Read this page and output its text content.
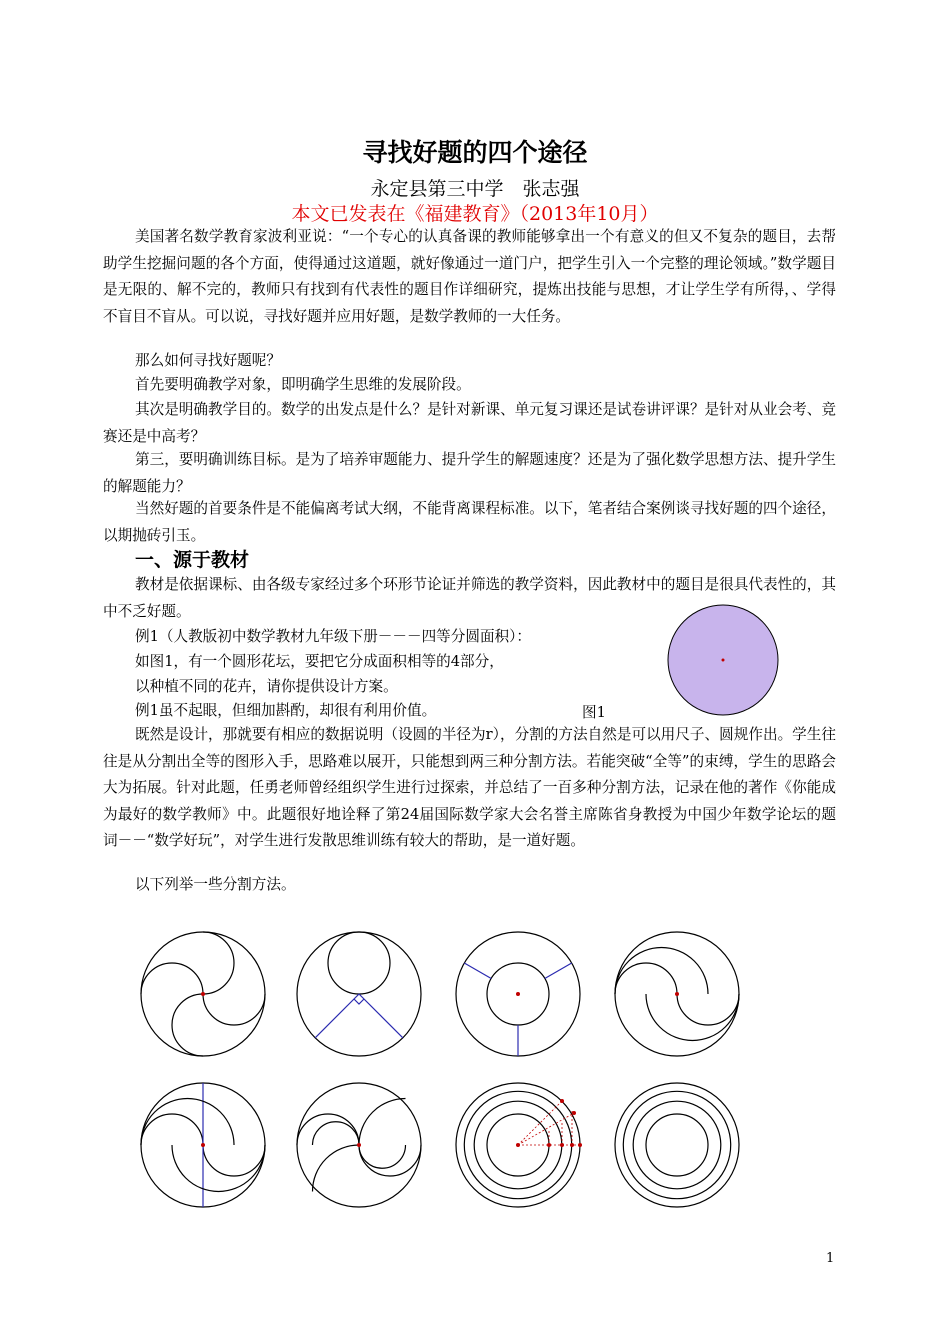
寻找好题的四个途径
永定县第三中学　张志强
本文已发表在《福建教育》（2013年10月）

美国著名数学教育家波利亚说：“一个专心的认真备课的教师能够拿出一个有意义的但又不复杂的题目，去帮助学生挖掘问题的各个方面，使得通过这道题，就好像通过一道门户，把学生引入一个完整的理论领域。”数学题目是无限的、解不完的，教师只有找到有代表性的题目作详细研究，提炼出技能与思想，才让学生学有所得，、学得不盲目不盲从。可以说，寻找好题并应用好题，是数学教师的一大任务。

那么如何寻找好题呢？

首先要明确教学对象，即明确学生思维的发展阶段。

其次是明确教学目的。数学的出发点是什么？是针对新课、单元复习课还是试卷讲评课？是针对从业会考、竞赛还是中高考？

第三，要明确训练目标。是为了培养审题能力、提升学生的解题速度？还是为了强化数学思想方法、提升学生的解题能力？

当然好题的首要条件是不能偏离考试大纲，不能背离课程标准。以下，笔者结合案例谈寻找好题的四个途径，以期抛砖引玉。

一、源于教材

教材是依据课标、由各级专家经过多个环形节论证并筛选的教学资料，因此教材中的题目是很具代表性的，其中不乏好题。

例1（人教版初中数学教材九年级下册－－－四等分圆面积）：
如图1，有一个圆形花坛，要把它分成面积相等的4部分，
以种植不同的花卉，请你提供设计方案。
例1虽不起眼，但细加斟酌，却很有利用价值。	图1

既然是设计，那就要有相应的数据说明（设圆的半径为r），分割的方法自然是可以用尺子、圆规作出。学生往往是从分割出全等的图形入手，思路难以展开，只能想到两三种分割方法。若能突破“全等”的束缚，学生的思路会大为拓展。针对此题，任勇老师曾经组织学生进行过探索，并总结了一百多种分割方法，记录在他的著作《你能成为最好的数学教师》中。此题很好地诠释了第24届国际数学家大会名誉主席陈省身教授为中国少年数学论坛的题词－－“数学好玩”，对学生进行发散思维训练有较大的帮助，是一道好题。

以下列举一些分割方法。

1
